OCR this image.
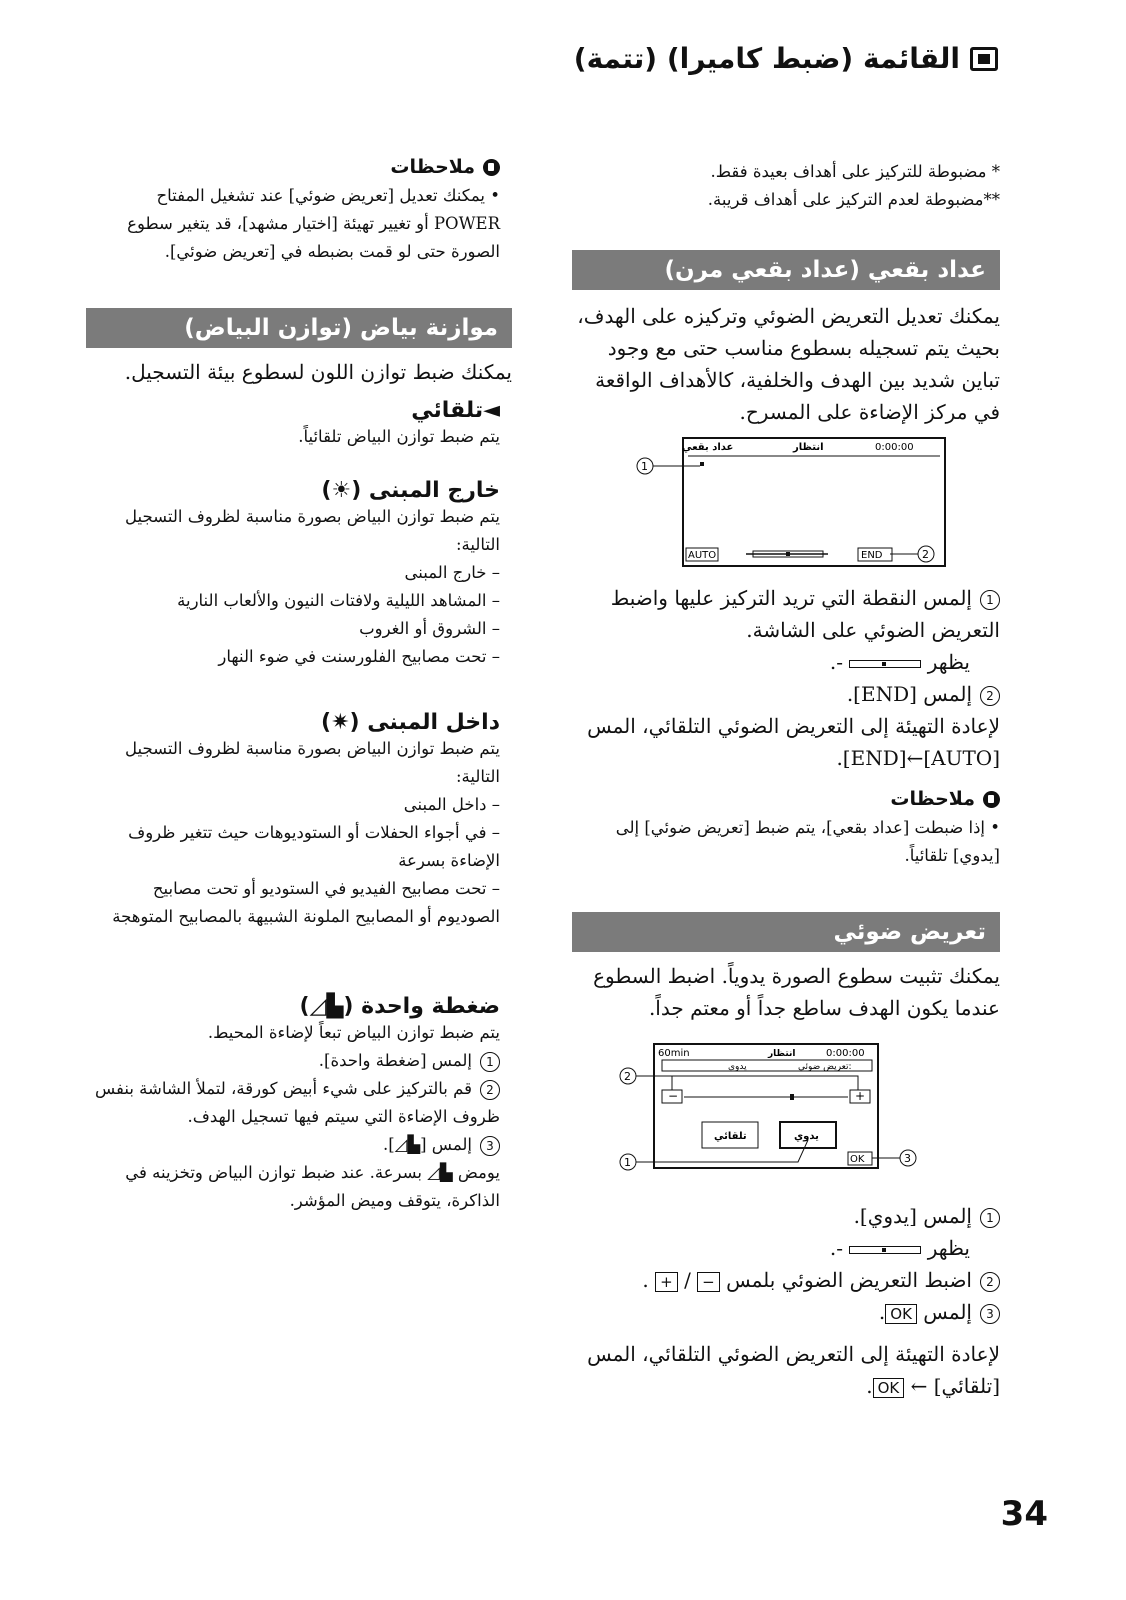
القائمة (ضبط كاميرا) (تتمة)

* مضبوطة للتركيز على أهداف بعيدة فقط.

**مضبوطة لعدم التركيز على أهداف قريبة.

عداد بقعي (عداد بقعي مرن)
يمكنك تعديل التعريض الضوئي وتركيزه على الهدف، بحيث يتم تسجيله بسطوع مناسب حتى مع وجود تباين شديد بين الهدف والخلفية، كالأهداف الواقعة في مركز الإضاءة على المسرح.
0:00:00
انتظار
عداد بقعي
1
AUTO	END	2

1إلمس النقطة التي تريد التركيز عليها واضبط التعريض الضوئي على الشاشة.

يظهر  -.

2إلمس [END].

لإعادة التهيئة إلى التعريض الضوئي التلقائي، المس [AUTO]←[END].

ملاحظات

• إذا ضبطت [عداد بقعي]، يتم ضبط [تعريض ضوئي] إلى [يدوي] تلقائياً.

تعريض ضوئي
يمكنك تثبيت سطوع الصورة يدوياً. اضبط السطوع عندما يكون الهدف ساطع جداً أو معتم جداً.
60min	انتظار	0:00:00
يدوي	تعريض ضوئي:
−	+
تلقائي	يدوي
OK
2
1	3

1إلمس [يدوي].

يظهر  -.

2اضبط التعريض الضوئي بلمس − / + .

3إلمس OK.

لإعادة التهيئة إلى التعريض الضوئي التلقائي، المس [تلقائي] ← OK.

ملاحظات

• يمكنك تعديل [تعريض ضوئي] عند تشغيل المفتاح POWER أو تغيير تهيئة [اختيار مشهد]، قد يتغير سطوع الصورة حتى لو قمت بضبطه في [تعريض ضوئي].

موازنة بياض (توازن البياض)
يمكنك ضبط توازن اللون لسطوع بيئة التسجيل.
◄تلقائي

يتم ضبط توازن البياض تلقائياً.

خارج المبنى (☀)

يتم ضبط توازن البياض بصورة مناسبة لظروف التسجيل التالية:

– خارج المبنى
– المشاهد الليلية ولافتات النيون والألعاب النارية
– الشروق أو الغروب
– تحت مصابيح الفلورسنت في ضوء النهار
داخل المبنى (✷)

يتم ضبط توازن البياض بصورة مناسبة لظروف التسجيل التالية:

– داخل المبنى
– في أجواء الحفلات أو الستوديوهات حيث تتغير ظروف الإضاءة بسرعة
– تحت مصابيح الفيديو في الستوديو أو تحت مصابيح الصوديوم أو المصابيح الملونة الشبيهة بالمصابيح المتوهجة
ضغطة واحدة (▙◿)

يتم ضبط توازن البياض تبعاً لإضاءة المحيط.

1إلمس [ضغطة واحدة].
2قم بالتركيز على شيء أبيض كورقة، لتملأ الشاشة بنفس ظروف الإضاءة التي سيتم فيها تسجيل الهدف.
3إلمس [▙◿].
يومض ▙◿ بسرعة. عند ضبط توازن البياض وتخزينه في الذاكرة، يتوقف وميض المؤشر.
34
